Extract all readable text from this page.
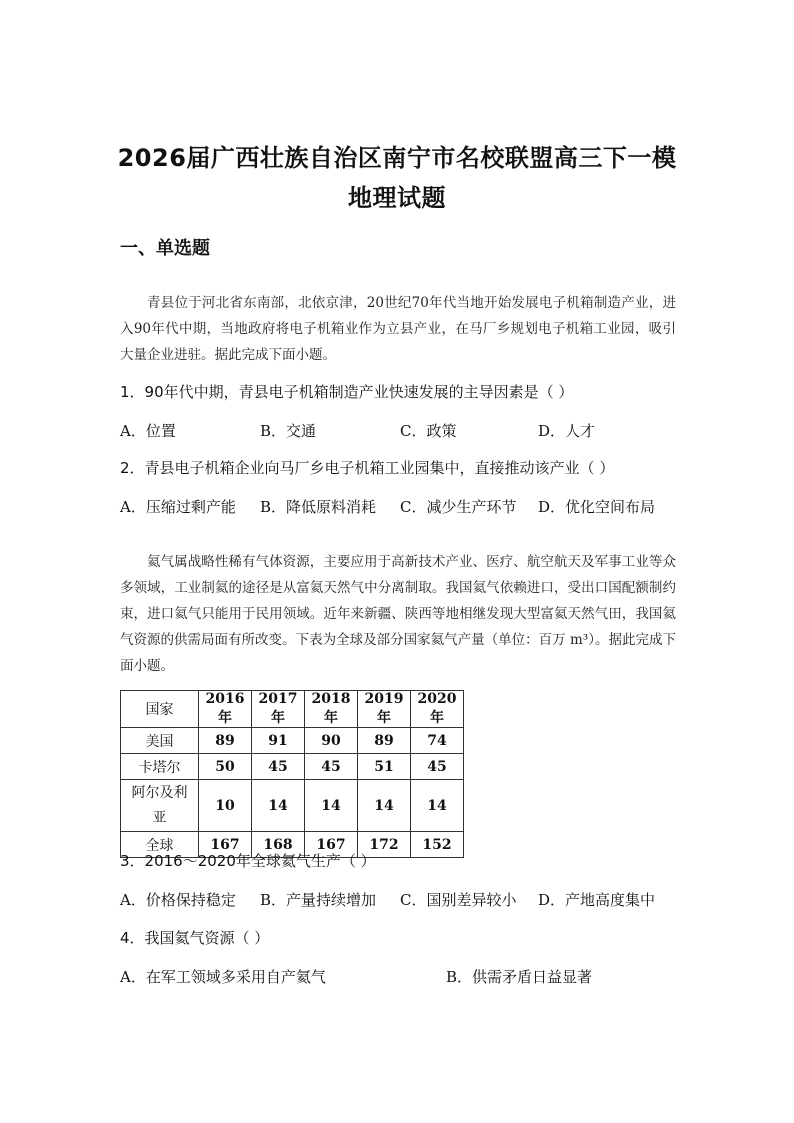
2026届广西壮族自治区南宁市名校联盟高三下一模
地理试题
一、单选题
青县位于河北省东南部，北依京津，20世纪70年代当地开始发展电子机箱制造产业，进入90年代中期，当地政府将电子机箱业作为立县产业，在马厂乡规划电子机箱工业园，吸引大量企业进驻。据此完成下面小题。
1．90年代中期，青县电子机箱制造产业快速发展的主导因素是（ ）
A．位置	B．交通	C．政策	D．人才
2．青县电子机箱企业向马厂乡电子机箱工业园集中，直接推动该产业（ ）
A．压缩过剩产能 B．降低原料消耗 C．减少生产环节 D．优化空间布局
氦气属战略性稀有气体资源，主要应用于高新技术产业、医疗、航空航天及军事工业等众多领域，工业制氦的途径是从富氦天然气中分离制取。我国氦气依赖进口，受出口国配额制约束，进口氦气只能用于民用领域。近年来新疆、陕西等地相继发现大型富氦天然气田，我国氦气资源的供需局面有所改变。下表为全球及部分国家氦气产量（单位：百万 m³）。据此完成下面小题。
国家	2016年	2017年	2018年	2019年	2020年
美国	89	91	90	89	74
卡塔尔	50	45	45	51	45
阿尔及利亚	10	14	14	14	14
全球	167	168	167	172	152
3．2016～2020年全球氦气生产（ ）
A．价格保持稳定 B．产量持续增加 C．国别差异较小 D．产地高度集中
4．我国氦气资源（ ）
A．在军工领域多采用自产氦气	B．供需矛盾日益显著
